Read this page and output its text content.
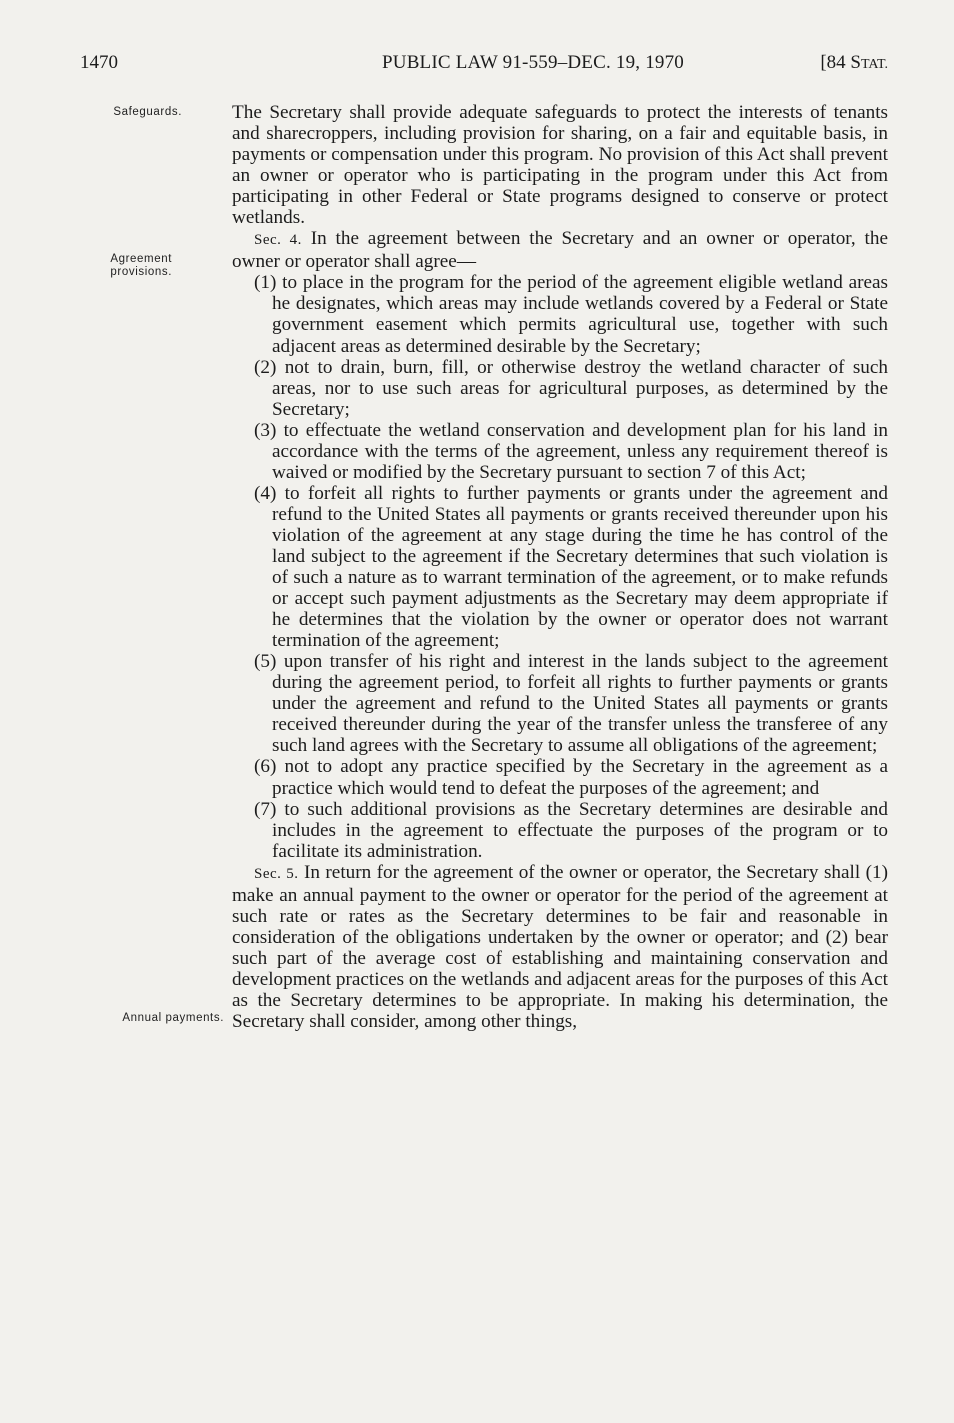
1470	PUBLIC LAW 91-559–DEC. 19, 1970	[84 STAT.
Safeguards.
Agreement
provisions.
Annual payments.

The Secretary shall provide adequate safeguards to protect the interests of tenants and sharecroppers, including provision for sharing, on a fair and equitable basis, in payments or compensation under this program. No provision of this Act shall prevent an owner or operator who is participating in the program under this Act from participating in other Federal or State programs designed to conserve or protect wetlands.

Sec. 4. In the agreement between the Secretary and an owner or operator, the owner or operator shall agree—

(1) to place in the program for the period of the agreement eligible wetland areas he designates, which areas may include wetlands covered by a Federal or State government easement which permits agricultural use, together with such adjacent areas as determined desirable by the Secretary;

(2) not to drain, burn, fill, or otherwise destroy the wetland character of such areas, nor to use such areas for agricultural purposes, as determined by the Secretary;

(3) to effectuate the wetland conservation and development plan for his land in accordance with the terms of the agreement, unless any requirement thereof is waived or modified by the Secretary pursuant to section 7 of this Act;

(4) to forfeit all rights to further payments or grants under the agreement and refund to the United States all payments or grants received thereunder upon his violation of the agreement at any stage during the time he has control of the land subject to the agreement if the Secretary determines that such violation is of such a nature as to warrant termination of the agreement, or to make refunds or accept such payment adjustments as the Secretary may deem appropriate if he determines that the violation by the owner or operator does not warrant termination of the agreement;

(5) upon transfer of his right and interest in the lands subject to the agreement during the agreement period, to forfeit all rights to further payments or grants under the agreement and refund to the United States all payments or grants received thereunder during the year of the transfer unless the transferee of any such land agrees with the Secretary to assume all obligations of the agreement;

(6) not to adopt any practice specified by the Secretary in the agreement as a practice which would tend to defeat the purposes of the agreement; and

(7) to such additional provisions as the Secretary determines are desirable and includes in the agreement to effectuate the purposes of the program or to facilitate its administration.

Sec. 5. In return for the agreement of the owner or operator, the Secretary shall (1) make an annual payment to the owner or operator for the period of the agreement at such rate or rates as the Secretary determines to be fair and reasonable in consideration of the obligations undertaken by the owner or operator; and (2) bear such part of the average cost of establishing and maintaining conservation and development practices on the wetlands and adjacent areas for the purposes of this Act as the Secretary determines to be appropriate. In making his determination, the Secretary shall consider, among other things,
